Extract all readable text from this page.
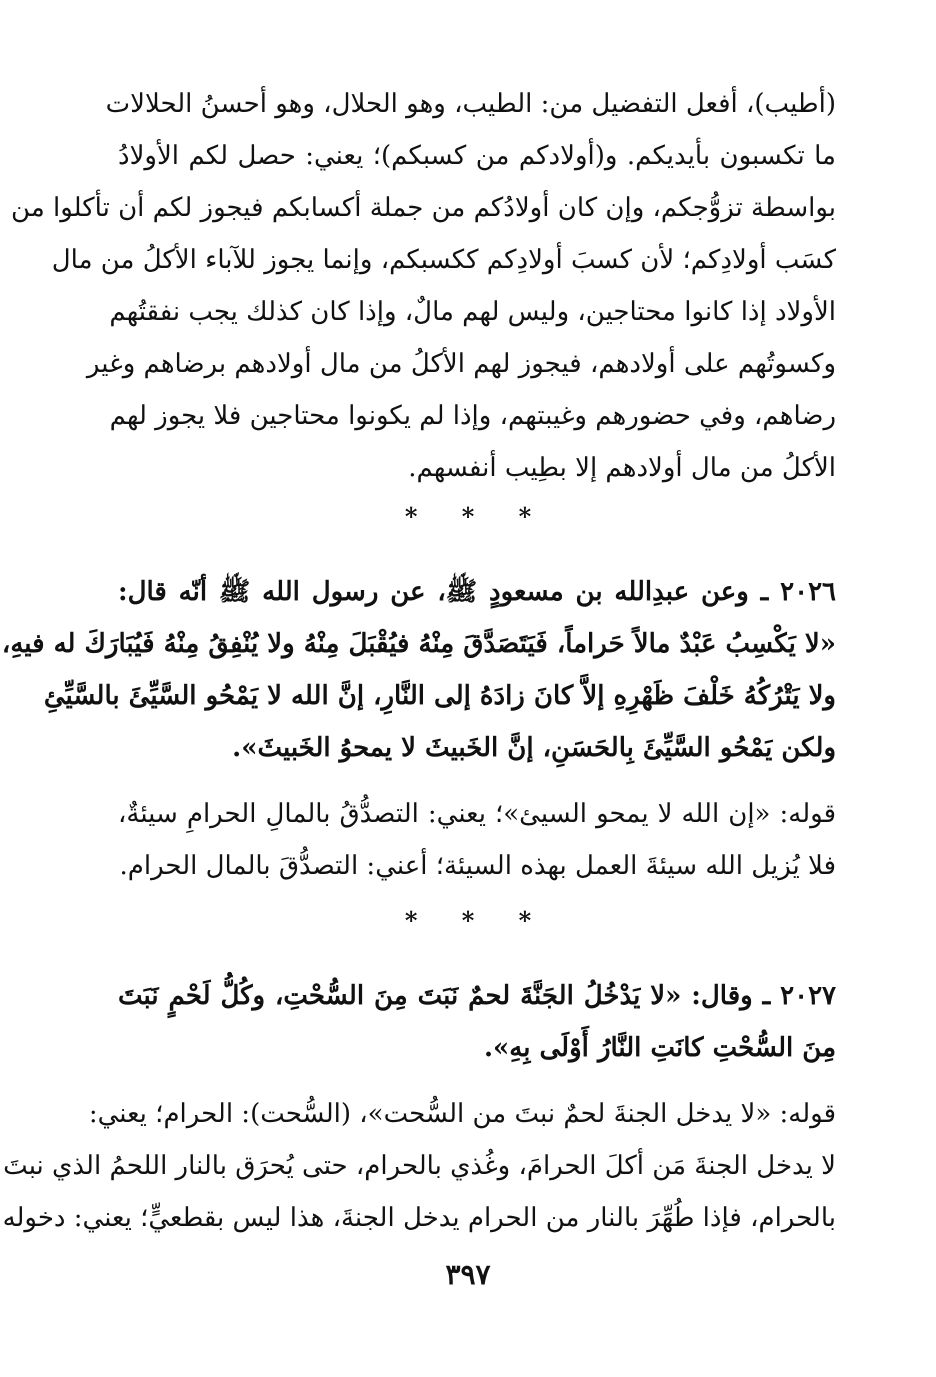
(أطيب)، أفعل التفضيل من: الطيب، وهو الحلال، وهو أحسنُ الحلالات
ما تكسبون بأيديكم. و(أولادكم من كسبكم)؛ يعني: حصل لكم الأولادُ
بواسطة تزوُّجكم، وإن كان أولادُكم من جملة أكسابكم فيجوز لكم أن تأكلوا من
كسَب أولادِكم؛ لأن كسبَ أولادِكم ككسبكم، وإنما يجوز للآباء الأكلُ من مال
الأولاد إذا كانوا محتاجين، وليس لهم مالٌ، وإذا كان كذلك يجب نفقتُهم
وكسوتُهم على أولادهم، فيجوز لهم الأكلُ من مال أولادهم برضاهم وغير
رضاهم، وفي حضورهم وغيبتهم، وإذا لم يكونوا محتاجين فلا يجوز لهم
الأكلُ من مال أولادهم إلا بطِيب أنفسهم.
* * *
٢٠٢٦ ـ وعن عبدِالله بن مسعودٍ ﷺ، عن رسول الله ﷺ أنّه قال:
«لا يَكْسِبُ عَبْدٌ مالاً حَراماً، فَيَتَصَدَّقَ مِنْهُ فيُقْبَلَ مِنْهُ ولا يُنْفِقُ مِنْهُ فَيُبَارَكَ له فيهِ،
ولا يَتْرُكُهُ خَلْفَ ظَهْرِهِ إلاَّ كانَ زادَهُ إلى النَّارِ، إنَّ الله لا يَمْحُو السَّيِّئَ بالسَّيِّئِ
ولكن يَمْحُو السَّيِّئَ بِالحَسَنِ، إنَّ الخَبيثَ لا يمحوُ الخَبيثَ».
قوله: «إن الله لا يمحو السيئ»؛ يعني: التصدُّقُ بالمالِ الحرامِ سيئةٌ،
فلا يُزيل الله سيئةَ العمل بهذه السيئة؛ أعني: التصدُّقَ بالمال الحرام.
* * *
٢٠٢٧ ـ وقال: «لا يَدْخُلُ الجَنَّةَ لحمٌ نَبَتَ مِنَ السُّحْتِ، وكُلُّ لَحْمٍ نَبَتَ
مِنَ السُّحْتِ كانَتِ النَّارُ أَوْلَى بِهِ».
قوله: «لا يدخل الجنةَ لحمٌ نبتَ من السُّحت»، (السُّحت): الحرام؛ يعني:
لا يدخل الجنةَ مَن أكلَ الحرامَ، وغُذي بالحرام، حتى يُحرَق بالنار اللحمُ الذي نبتَ
بالحرام، فإذا طُهِّرَ بالنار من الحرام يدخل الجنةَ، هذا ليس بقطعيٍّ؛ يعني: دخوله
٣٩٧
